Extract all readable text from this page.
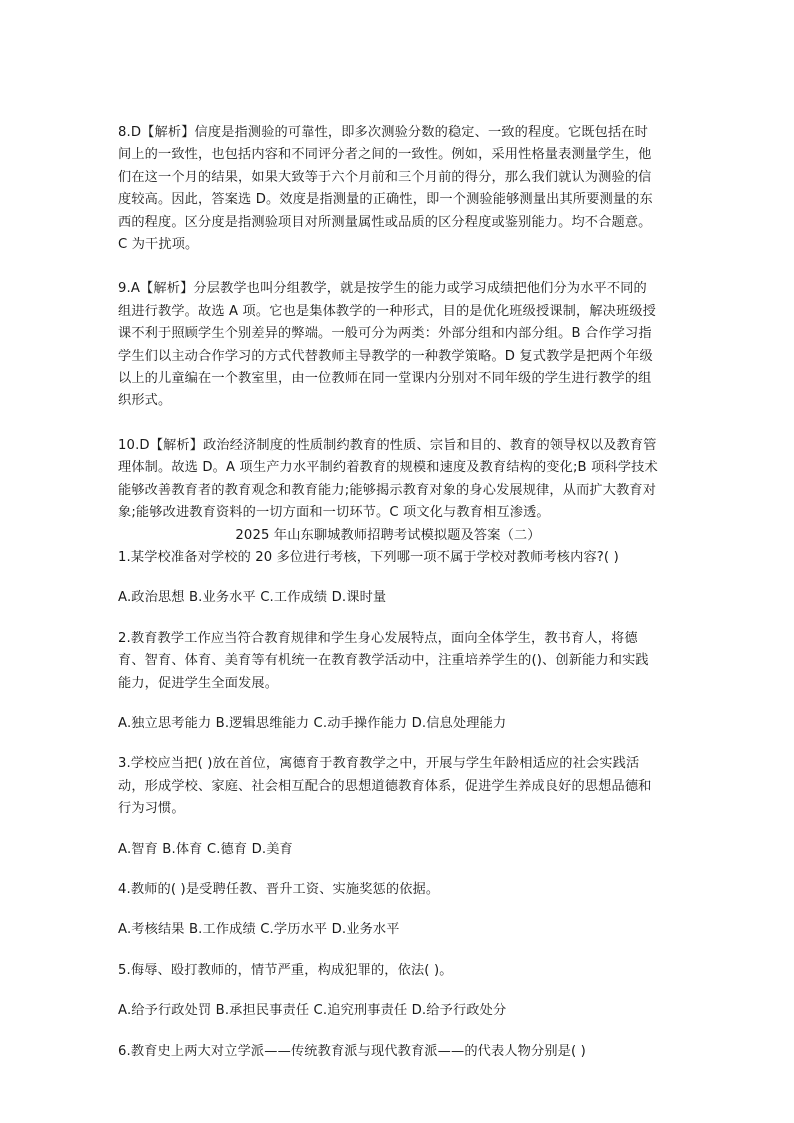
8.D【解析】信度是指测验的可靠性，即多次测验分数的稳定、一致的程度。它既包括在时间上的一致性，也包括内容和不同评分者之间的一致性。例如，采用性格量表测量学生，他们在这一个月的结果，如果大致等于六个月前和三个月前的得分，那么我们就认为测验的信度较高。因此，答案选 D。效度是指测量的正确性，即一个测验能够测量出其所要测量的东西的程度。区分度是指测验项目对所测量属性或品质的区分程度或鉴别能力。均不合题意。C 为干扰项。

9.A【解析】分层教学也叫分组教学，就是按学生的能力或学习成绩把他们分为水平不同的组进行教学。故选 A 项。它也是集体教学的一种形式，目的是优化班级授课制，解决班级授课不利于照顾学生个别差异的弊端。一般可分为两类：外部分组和内部分组。B 合作学习指学生们以主动合作学习的方式代替教师主导教学的一种教学策略。D 复式教学是把两个年级以上的儿童编在一个教室里，由一位教师在同一堂课内分别对不同年级的学生进行教学的组织形式。

10.D【解析】政治经济制度的性质制约教育的性质、宗旨和目的、教育的领导权以及教育管理体制。故选 D。A 项生产力水平制约着教育的规模和速度及教育结构的变化;B 项科学技术能够改善教育者的教育观念和教育能力;能够揭示教育对象的身心发展规律，从而扩大教育对象;能够改进教育资料的一切方面和一切环节。C 项文化与教育相互渗透。

2025 年山东聊城教师招聘考试模拟题及答案（二）

1.某学校准备对学校的 20 多位进行考核，下列哪一项不属于学校对教师考核内容?( )

A.政治思想 B.业务水平 C.工作成绩 D.课时量

2.教育教学工作应当符合教育规律和学生身心发展特点，面向全体学生，教书育人，将德育、智育、体育、美育等有机统一在教育教学活动中，注重培养学生的()、创新能力和实践能力，促进学生全面发展。

A.独立思考能力 B.逻辑思维能力 C.动手操作能力 D.信息处理能力

3.学校应当把( )放在首位，寓德育于教育教学之中，开展与学生年龄相适应的社会实践活动，形成学校、家庭、社会相互配合的思想道德教育体系，促进学生养成良好的思想品德和行为习惯。

A.智育 B.体育 C.德育 D.美育

4.教师的( )是受聘任教、晋升工资、实施奖惩的依据。

A.考核结果 B.工作成绩 C.学历水平 D.业务水平

5.侮辱、殴打教师的，情节严重，构成犯罪的，依法( )。

A.给予行政处罚 B.承担民事责任 C.追究刑事责任 D.给予行政处分

6.教育史上两大对立学派——传统教育派与现代教育派——的代表人物分别是( )
